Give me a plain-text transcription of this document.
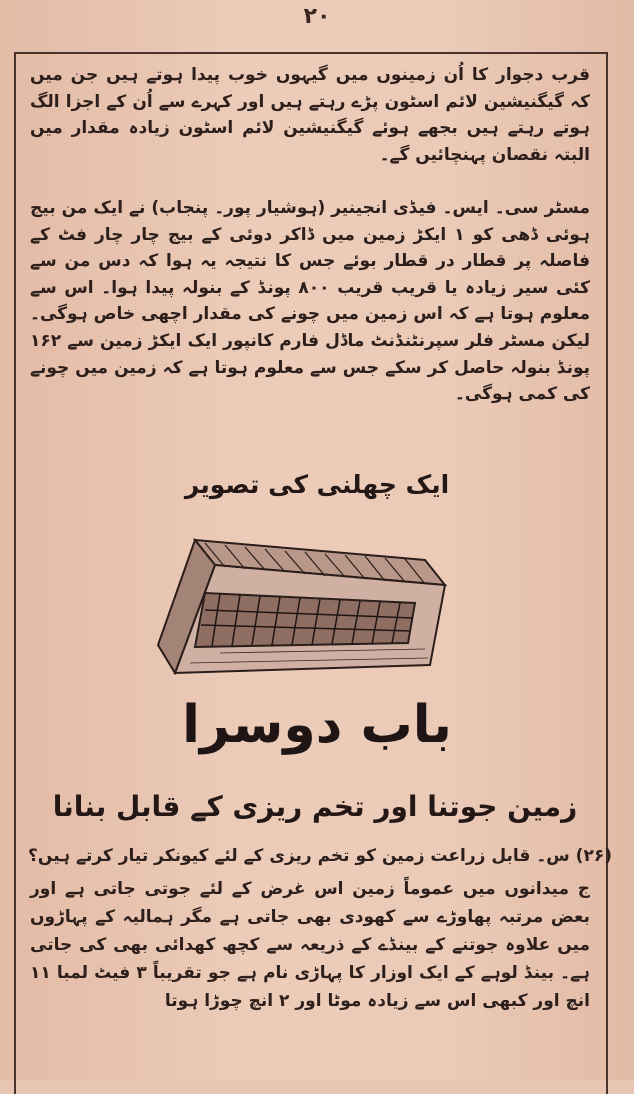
۲۰
قرب دجوار کا اُن زمینوں میں گیہوں خوب پیدا ہوتے ہیں جن میں کہ گیگنیشین لائم اسٹون پڑے رہتے ہیں اور کہرے سے اُن کے اجزا الگ ہوتے رہتے ہیں بجھے ہوئے گیگنیشین لائم اسٹون زیادہ مقدار میں البتہ نقصان پہنچائیں گے۔
مسٹر سی۔ ایس۔ فیڈی انجینیر (ہوشیار پور۔ پنجاب) نے ایک من بیج ہوئی ڈھی کو ۱ ایکڑ زمین میں ڈاکر دوئی کے بیج چار چار فٹ کے فاصلہ پر قطار در قطار بوئے جس کا نتیجہ یہ ہوا کہ دس من سے کئی سیر زیادہ یا قریب قریب ۸۰۰ پونڈ کے بنولہ پیدا ہوا۔ اس سے معلوم ہوتا ہے کہ اس زمین میں چونے کی مقدار اچھی خاص ہوگی۔ لیکن مسٹر فلر سپرنٹنڈنٹ ماڈل فارم کانپور ایک ایکڑ زمین سے ۱۶۲ پونڈ بنولہ حاصل کر سکے جس سے معلوم ہوتا ہے کہ زمین میں چونے کی کمی ہوگی۔
ایک چھلنی کی تصویر
باب دوسرا
زمین جوتنا اور تخم ریزی کے قابل بنانا
(۲۶) س۔ قابل زراعت زمین کو تخم ریزی کے لئے کیونکر تیار کرتے ہیں؟
ج میدانوں میں عموماً زمین اس غرض کے لئے جوتی جاتی ہے اور بعض مرتبہ پھاوڑے سے کھودی بھی جاتی ہے مگر ہمالیہ کے پہاڑوں میں علاوہ جوتنے کے بینڈے کے ذریعہ سے کچھ کھدائی بھی کی جاتی ہے۔ بینڈ لوہے کے ایک اوزار کا پہاڑی نام ہے جو تقریباً ۳ فیٹ لمبا ۱۱ انچ اور کبھی اس سے زیادہ موٹا اور ۲ انچ چوڑا ہوتا
